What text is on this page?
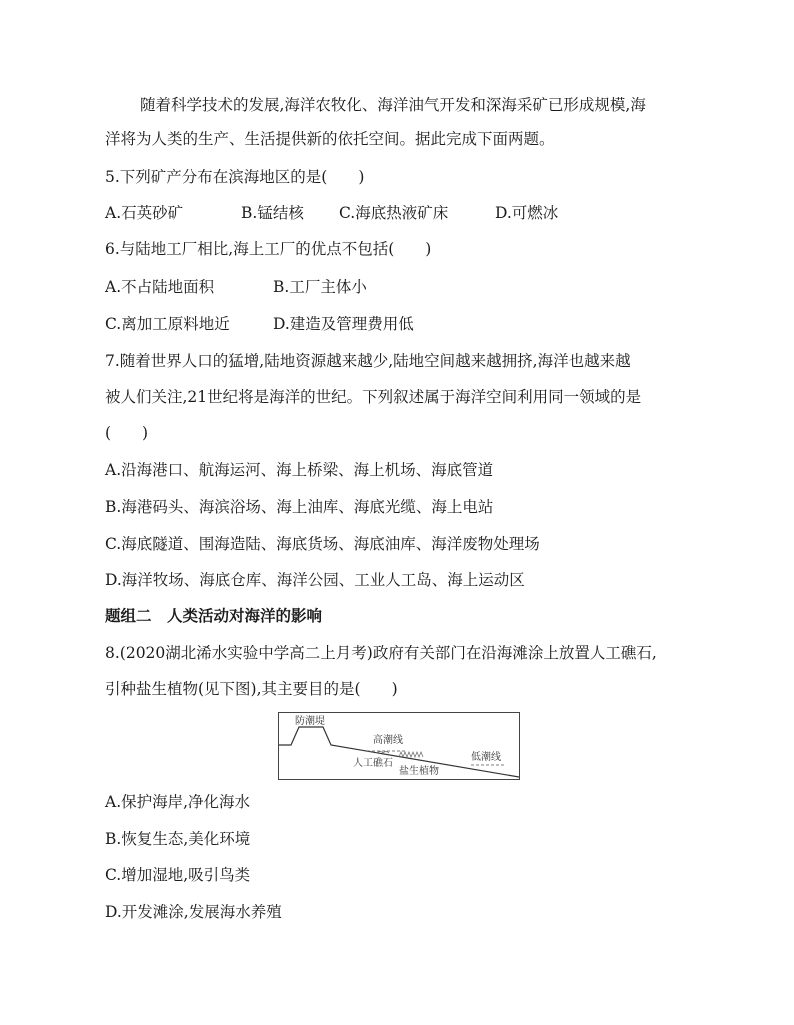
随着科学技术的发展,海洋农牧化、海洋油气开发和深海采矿已形成规模,海
洋将为人类的生产、生活提供新的依托空间。据此完成下面两题。
5.下列矿产分布在滨海地区的是(　　)
A.石英砂矿	B.锰结核	C.海底热液矿床	D.可燃冰
6.与陆地工厂相比,海上工厂的优点不包括(　　)
A.不占陆地面积	B.工厂主体小
C.离加工原料地近	D.建造及管理费用低
7.随着世界人口的猛增,陆地资源越来越少,陆地空间越来越拥挤,海洋也越来越
被人们关注,21世纪将是海洋的世纪。下列叙述属于海洋空间利用同一领域的是
(　　)
A.沿海港口、航海运河、海上桥梁、海上机场、海底管道
B.海港码头、海滨浴场、海上油库、海底光缆、海上电站
C.海底隧道、围海造陆、海底货场、海底油库、海洋废物处理场
D.海洋牧场、海底仓库、海洋公园、工业人工岛、海上运动区
题组二　人类活动对海洋的影响
8.(2020湖北浠水实验中学高二上月考)政府有关部门在沿海滩涂上放置人工礁石,
引种盐生植物(见下图),其主要目的是(　　)
防潮堤
高潮线
低潮线
人工礁石
盐生植物
A.保护海岸,净化海水
B.恢复生态,美化环境
C.增加湿地,吸引鸟类
D.开发滩涂,发展海水养殖
